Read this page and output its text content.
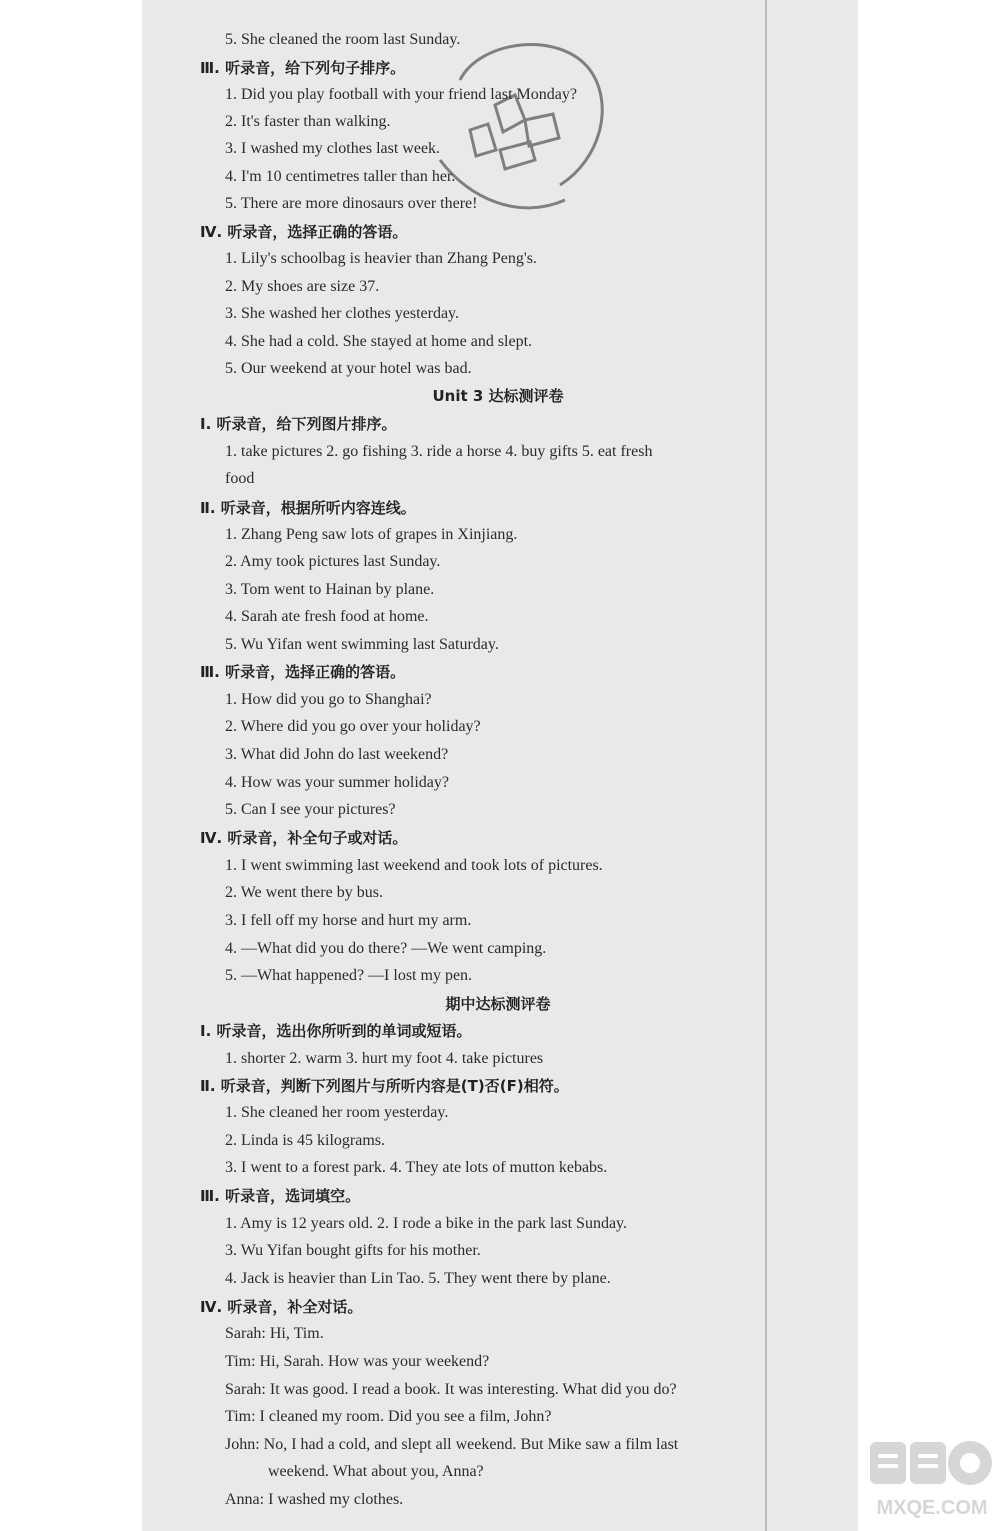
5. She cleaned the room last Sunday.
Ⅲ. 听录音，给下列句子排序。
1. Did you play football with your friend last Monday?
2. It's faster than walking.
3. I washed my clothes last week.
4. I'm 10 centimetres taller than her.
5. There are more dinosaurs over there!
Ⅳ. 听录音，选择正确的答语。
1. Lily's schoolbag is heavier than Zhang Peng's.
2. My shoes are size 37.
3. She washed her clothes yesterday.
4. She had a cold. She stayed at home and slept.
5. Our weekend at your hotel was bad.
Unit 3 达标测评卷
Ⅰ. 听录音，给下列图片排序。
1. take pictures 2. go fishing 3. ride a horse 4. buy gifts 5. eat fresh
food
Ⅱ. 听录音，根据所听内容连线。
1. Zhang Peng saw lots of grapes in Xinjiang.
2. Amy took pictures last Sunday.
3. Tom went to Hainan by plane.
4. Sarah ate fresh food at home.
5. Wu Yifan went swimming last Saturday.
Ⅲ. 听录音，选择正确的答语。
1. How did you go to Shanghai?
2. Where did you go over your holiday?
3. What did John do last weekend?
4. How was your summer holiday?
5. Can I see your pictures?
Ⅳ. 听录音，补全句子或对话。
1. I went swimming last weekend and took lots of pictures.
2. We went there by bus.
3. I fell off my horse and hurt my arm.
4. —What did you do there? —We went camping.
5. —What happened? —I lost my pen.
期中达标测评卷
Ⅰ. 听录音，选出你所听到的单词或短语。
1. shorter 2. warm 3. hurt my foot 4. take pictures
Ⅱ. 听录音，判断下列图片与所听内容是(T)否(F)相符。
1. She cleaned her room yesterday.
2. Linda is 45 kilograms.
3. I went to a forest park. 4. They ate lots of mutton kebabs.
Ⅲ. 听录音，选词填空。
1. Amy is 12 years old. 2. I rode a bike in the park last Sunday.
3. Wu Yifan bought gifts for his mother.
4. Jack is heavier than Lin Tao. 5. They went there by plane.
Ⅳ. 听录音，补全对话。
Sarah: Hi, Tim.
Tim: Hi, Sarah. How was your weekend?
Sarah: It was good. I read a book. It was interesting. What did you do?
Tim: I cleaned my room. Did you see a film, John?
John: No, I had a cold, and slept all weekend. But Mike saw a film last
weekend. What about you, Anna?
Anna: I washed my clothes.	MXQE.COM
